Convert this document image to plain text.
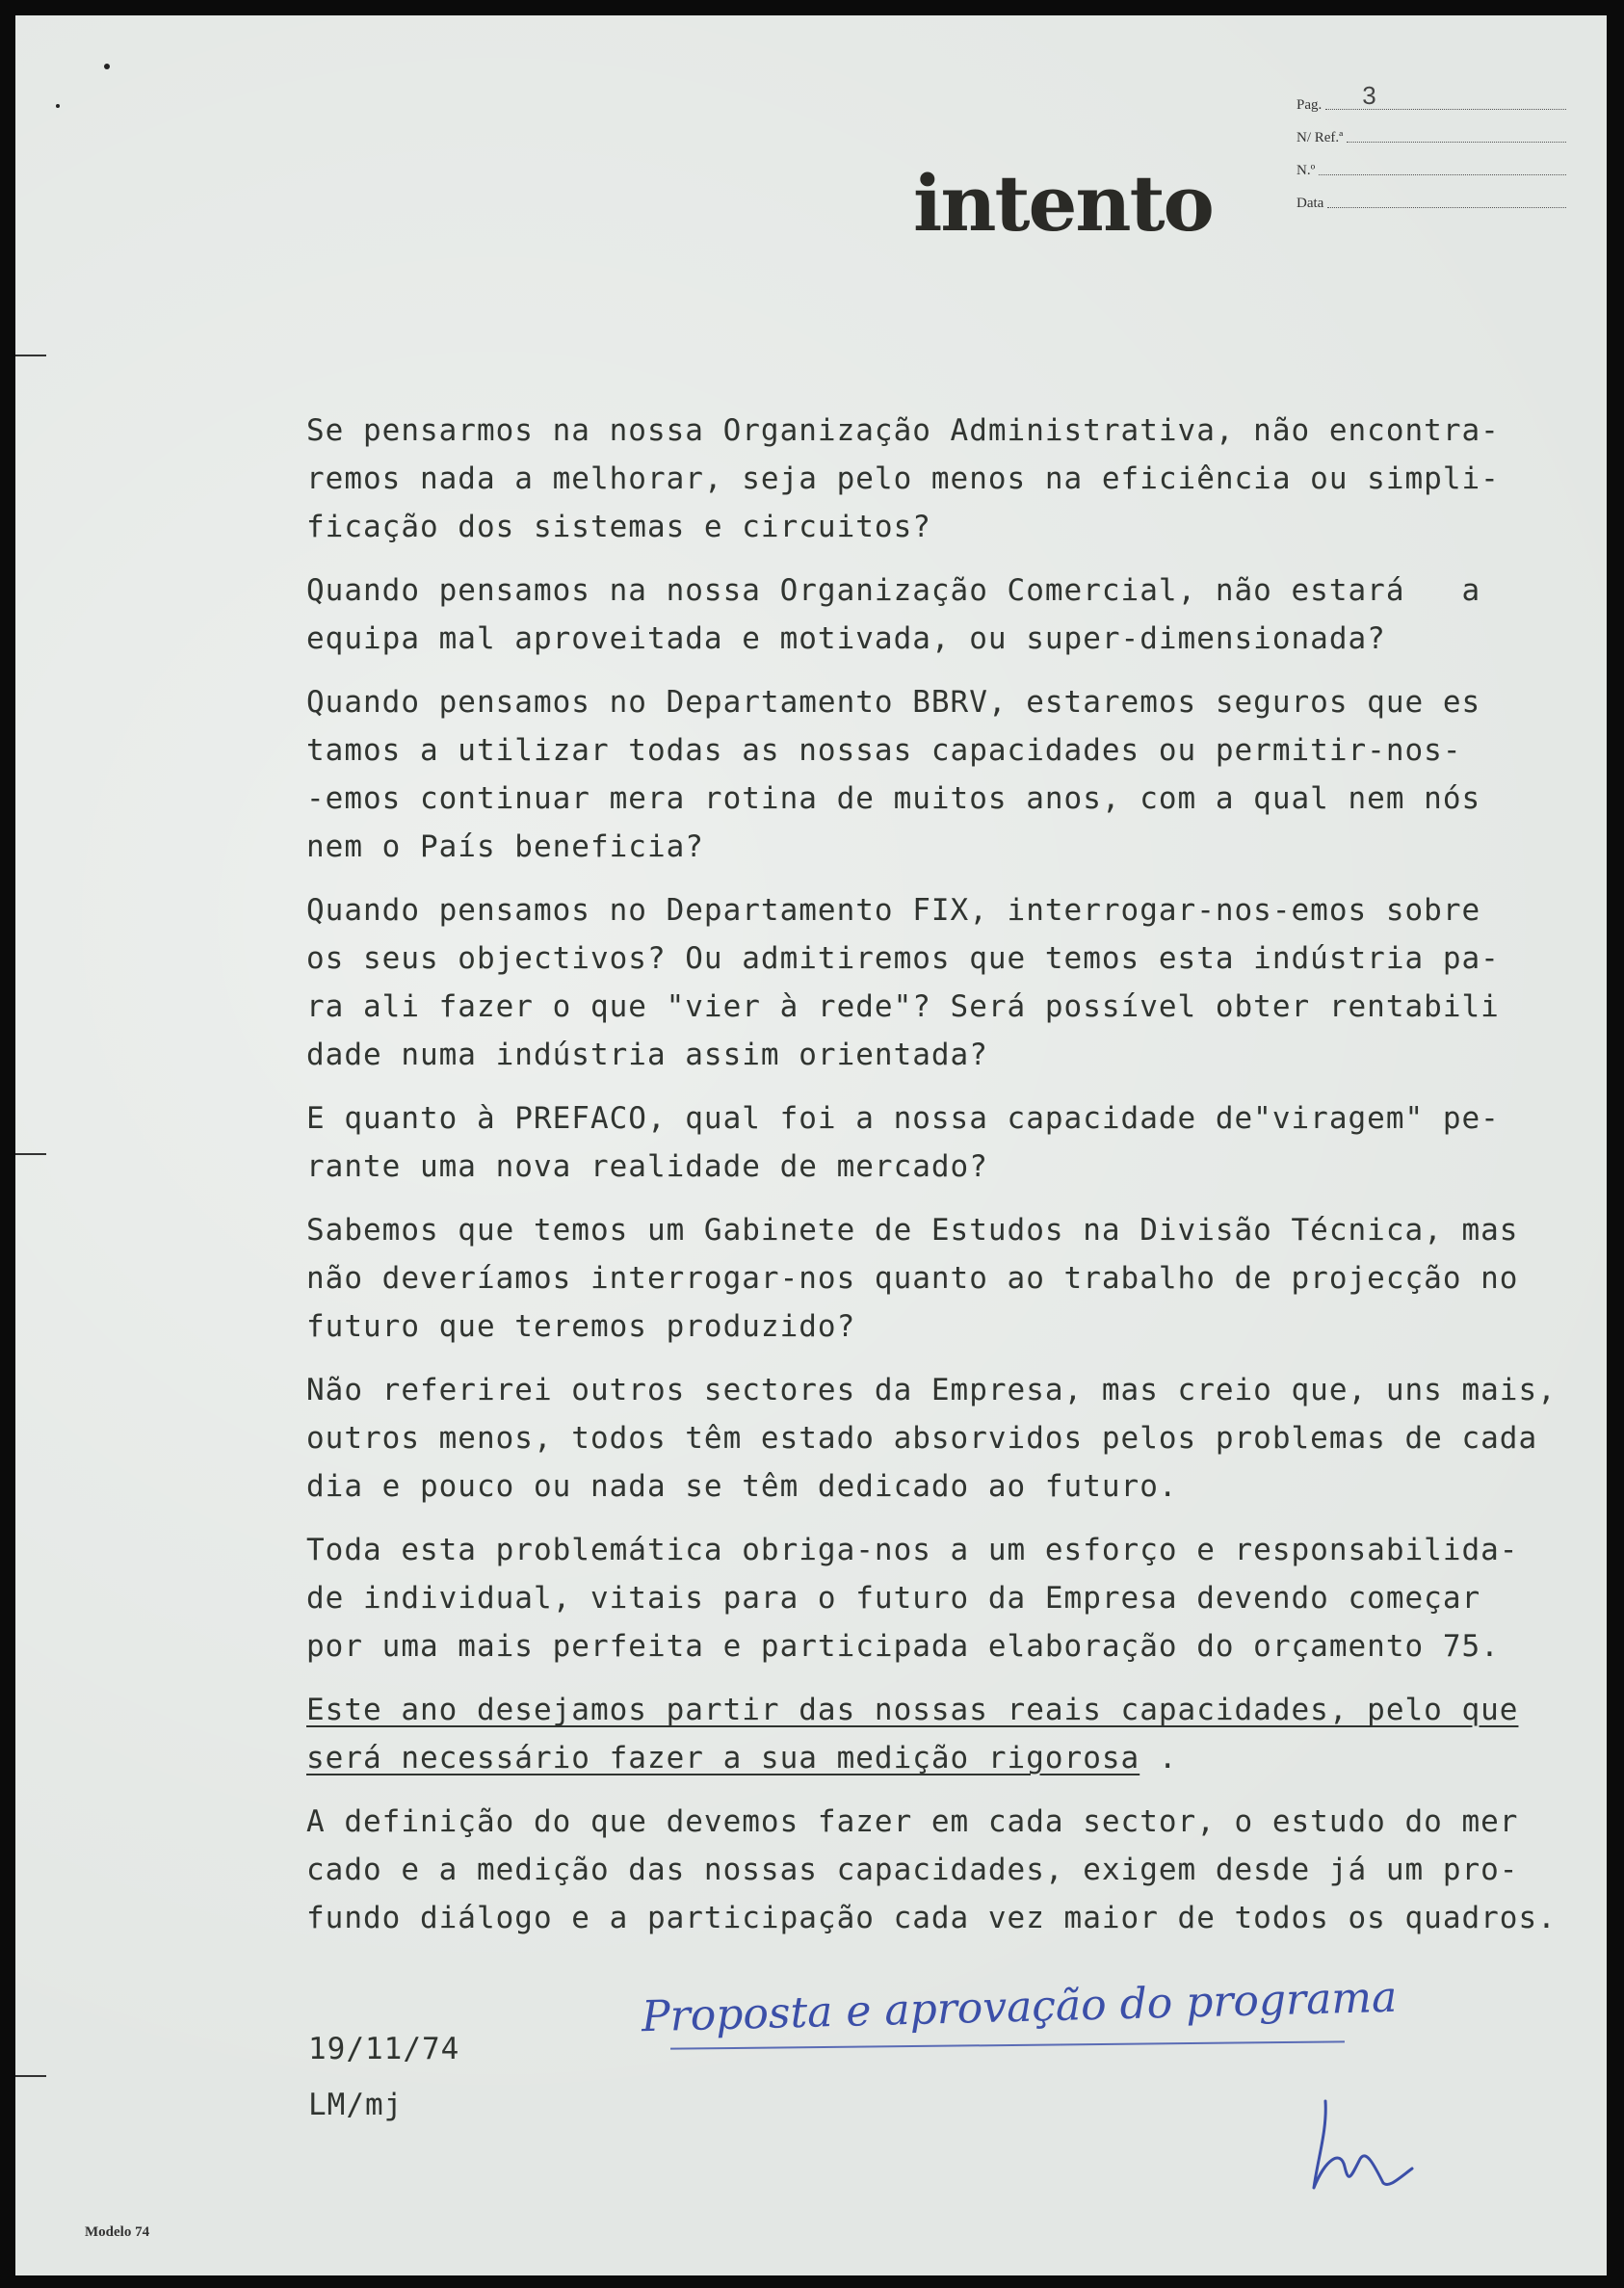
intento
Pag. 3
N/ Ref.ª
N.º
Data

Se pensarmos na nossa Organização Administrativa, não encontra-
remos nada a melhorar, seja pelo menos na eficiência ou simpli-
ficação dos sistemas e circuitos?

Quando pensamos na nossa Organização Comercial, não estará   a
equipa mal aproveitada e motivada, ou super-dimensionada?

Quando pensamos no Departamento BBRV, estaremos seguros que es
tamos a utilizar todas as nossas capacidades ou permitir-nos-
-emos continuar mera rotina de muitos anos, com a qual nem nós
nem o País beneficia?

Quando pensamos no Departamento FIX, interrogar-nos-emos sobre
os seus objectivos? Ou admitiremos que temos esta indústria pa-
ra ali fazer o que "vier à rede"? Será possível obter rentabili
dade numa indústria assim orientada?

E quanto à PREFACO, qual foi a nossa capacidade de"viragem" pe-
rante uma nova realidade de mercado?

Sabemos que temos um Gabinete de Estudos na Divisão Técnica, mas
não deveríamos interrogar-nos quanto ao trabalho de projecção no
futuro que teremos produzido?

Não referirei outros sectores da Empresa, mas creio que, uns mais,
outros menos, todos têm estado absorvidos pelos problemas de cada
dia e pouco ou nada se têm dedicado ao futuro.

Toda esta problemática obriga-nos a um esforço e responsabilida-
de individual, vitais para o futuro da Empresa devendo começar
por uma mais perfeita e participada elaboração do orçamento 75.

Este ano desejamos partir das nossas reais capacidades, pelo que
será necessário fazer a sua medição rigorosa .

A definição do que devemos fazer em cada sector, o estudo do mer
cado e a medição das nossas capacidades, exigem desde já um pro-
fundo diálogo e a participação cada vez maior de todos os quadros.

Proposta e aprovação do programa
19/11/74
LM/mj
Modelo 74
